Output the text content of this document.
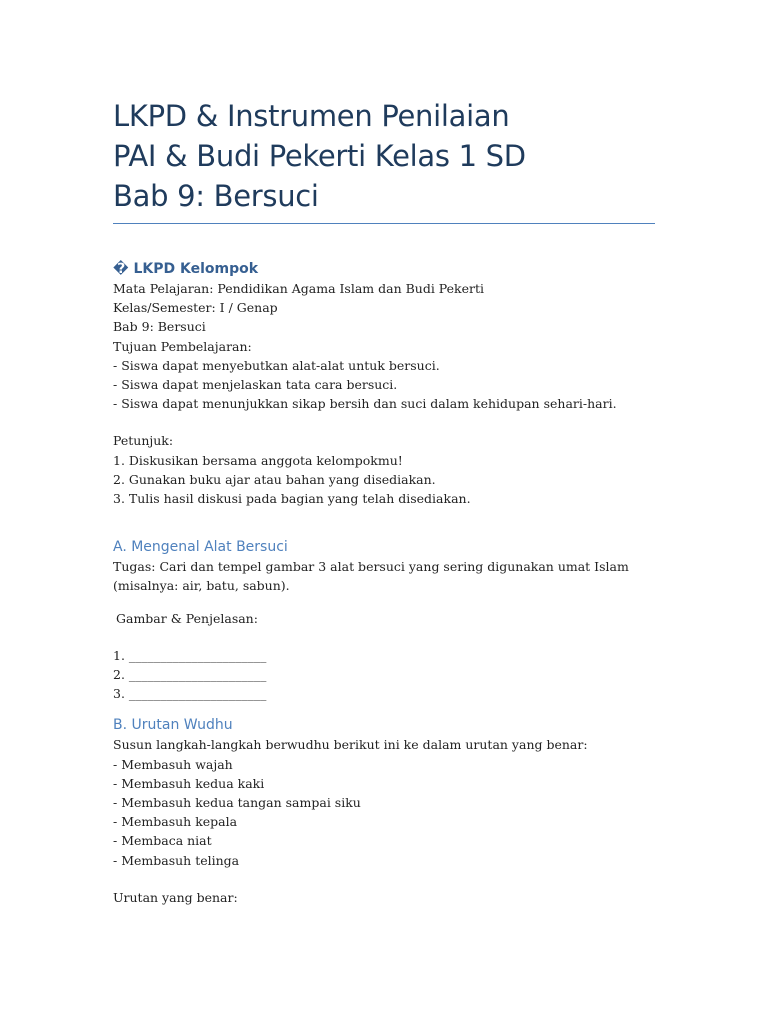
LKPD & Instrumen Penilaian
PAI & Budi Pekerti Kelas 1 SD
Bab 9: Bersuci
� LKPD Kelompok
Mata Pelajaran: Pendidikan Agama Islam dan Budi Pekerti
Kelas/Semester: I / Genap
Bab 9: Bersuci
Tujuan Pembelajaran:
- Siswa dapat menyebutkan alat-alat untuk bersuci.
- Siswa dapat menjelaskan tata cara bersuci.
- Siswa dapat menunjukkan sikap bersih dan suci dalam kehidupan sehari-hari.
Petunjuk:
1. Diskusikan bersama anggota kelompokmu!
2. Gunakan buku ajar atau bahan yang disediakan.
3. Tulis hasil diskusi pada bagian yang telah disediakan.
A. Mengenal Alat Bersuci
Tugas: Cari dan tempel gambar 3 alat bersuci yang sering digunakan umat Islam (misalnya: air, batu, sabun).
Gambar & Penjelasan:
1. ______________________
2. ______________________
3. ______________________
B. Urutan Wudhu
Susun langkah-langkah berwudhu berikut ini ke dalam urutan yang benar:
- Membasuh wajah
- Membasuh kedua kaki
- Membasuh kedua tangan sampai siku
- Membasuh kepala
- Membaca niat
- Membasuh telinga
Urutan yang benar:
